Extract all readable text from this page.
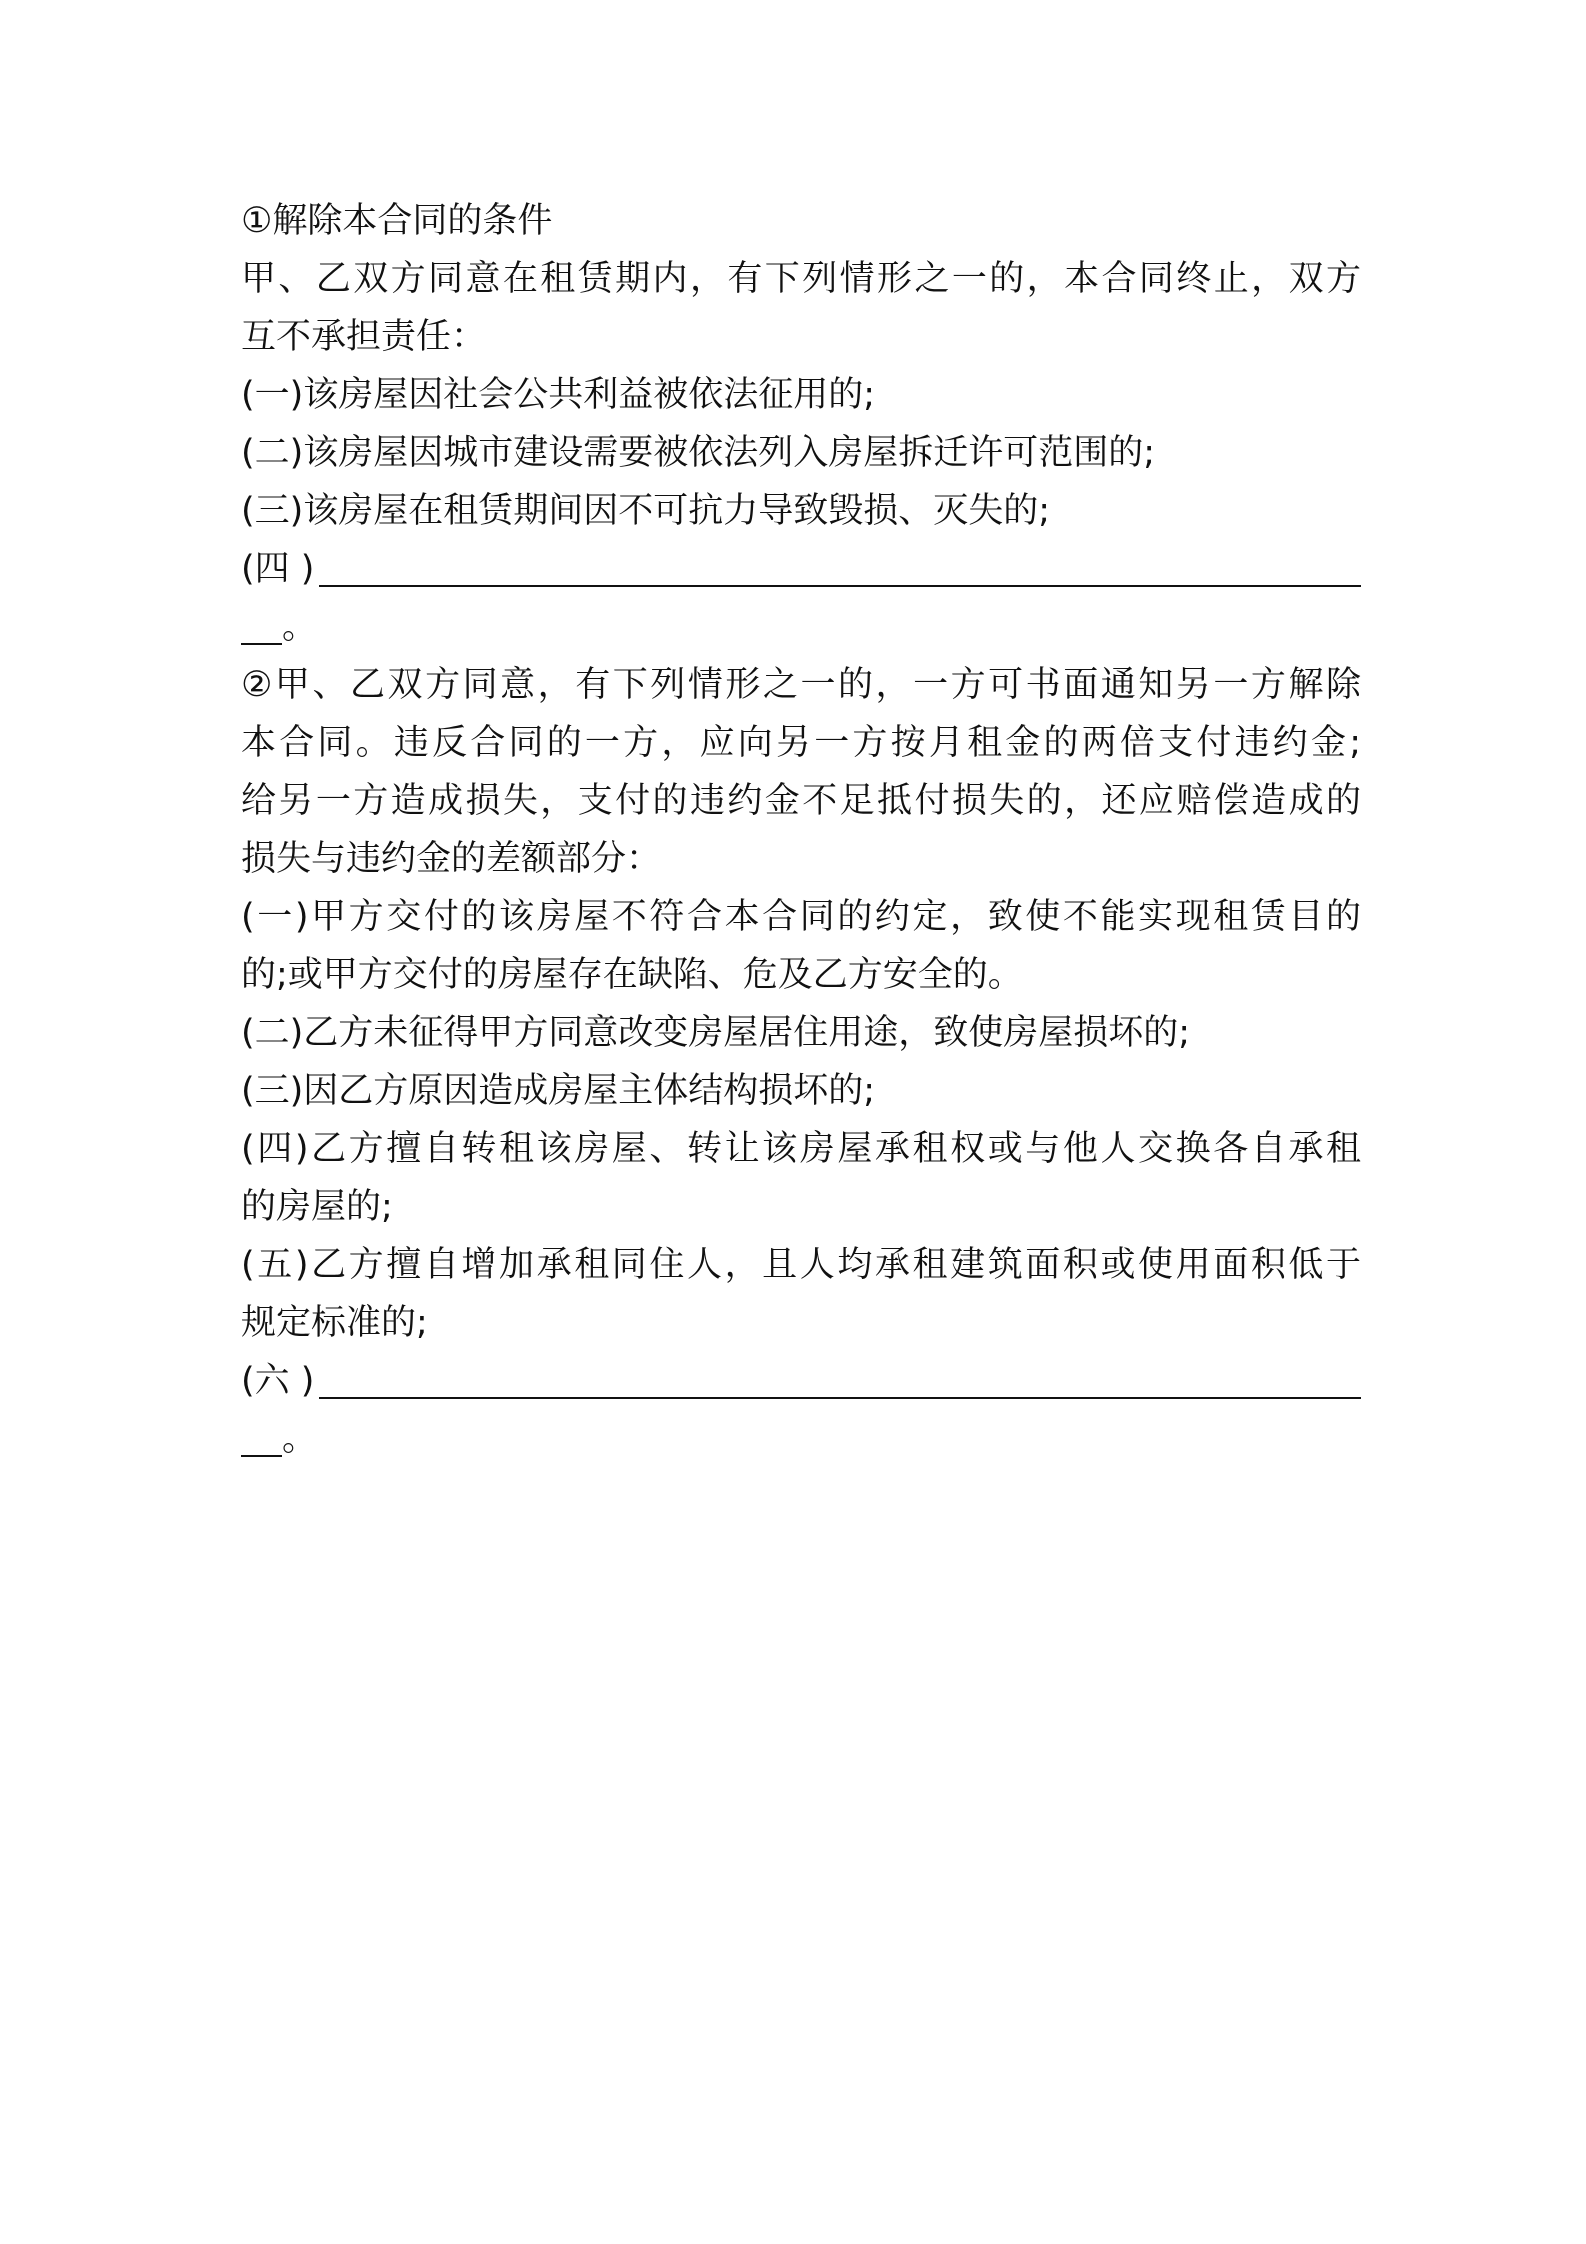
①解除本合同的条件
甲、乙双方同意在租赁期内，有下列情形之一的，本合同终止，双方
互不承担责任：
(一)该房屋因社会公共利益被依法征用的;
(二)该房屋因城市建设需要被依法列入房屋拆迁许可范围的;
(三)该房屋在租赁期间因不可抗力导致毁损、灭失的;
(四 )
。
②甲、乙双方同意，有下列情形之一的，一方可书面通知另一方解除
本合同。违反合同的一方，应向另一方按月租金的两倍支付违约金;
给另一方造成损失，支付的违约金不足抵付损失的，还应赔偿造成的
损失与违约金的差额部分：
(一)甲方交付的该房屋不符合本合同的约定，致使不能实现租赁目的
的;或甲方交付的房屋存在缺陷、危及乙方安全的。
(二)乙方未征得甲方同意改变房屋居住用途，致使房屋损坏的;
(三)因乙方原因造成房屋主体结构损坏的;
(四)乙方擅自转租该房屋、转让该房屋承租权或与他人交换各自承租
的房屋的;
(五)乙方擅自增加承租同住人，且人均承租建筑面积或使用面积低于
规定标准的;
(六 )
。
